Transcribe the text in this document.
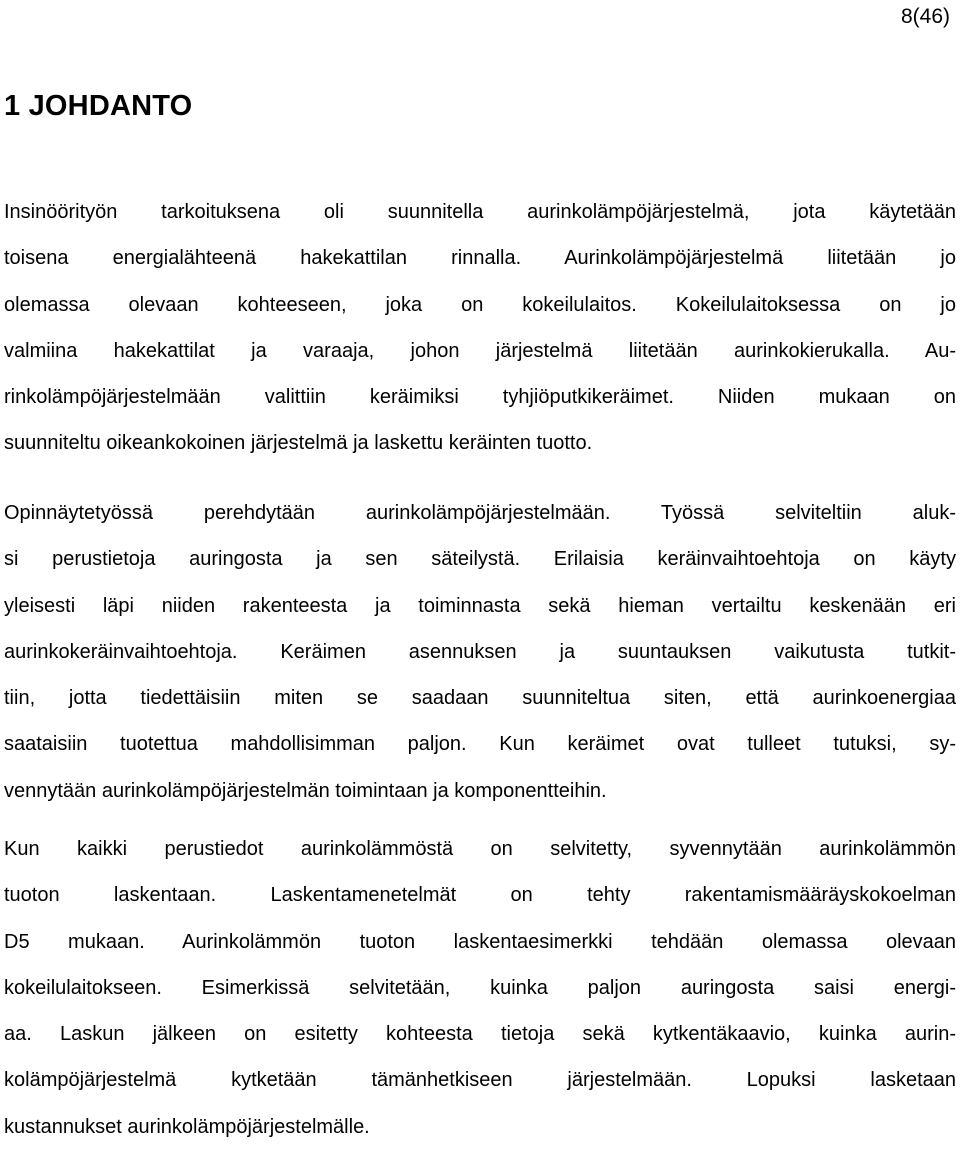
8(46)
1 JOHDANTO
Insinöörityön tarkoituksena oli suunnitella aurinkolämpöjärjestelmä, jota käytetään
toisena energialähteenä hakekattilan rinnalla. Aurinkolämpöjärjestelmä liitetään jo
olemassa olevaan kohteeseen, joka on kokeilulaitos. Kokeilulaitoksessa on jo
valmiina hakekattilat ja varaaja, johon järjestelmä liitetään aurinkokierukalla. Au-
rinkolämpöjärjestelmään valittiin keräimiksi tyhjiöputkikeräimet. Niiden mukaan on
suunniteltu oikeankokoinen järjestelmä ja laskettu keräinten tuotto.
Opinnäytetyössä perehdytään aurinkolämpöjärjestelmään. Työssä selviteltiin aluk-
si perustietoja auringosta ja sen säteilystä. Erilaisia keräinvaihtoehtoja on käyty
yleisesti läpi niiden rakenteesta ja toiminnasta sekä hieman vertailtu keskenään eri
aurinkokeräinvaihtoehtoja. Keräimen asennuksen ja suuntauksen vaikutusta tutkit-
tiin, jotta tiedettäisiin miten se saadaan suunniteltua siten, että aurinkoenergiaa
saataisiin tuotettua mahdollisimman paljon. Kun keräimet ovat tulleet tutuksi, sy-
vennytään aurinkolämpöjärjestelmän toimintaan ja komponentteihin.
Kun kaikki perustiedot aurinkolämmöstä on selvitetty, syvennytään aurinkolämmön
tuoton laskentaan. Laskentamenetelmät on tehty rakentamismääräyskokoelman
D5 mukaan. Aurinkolämmön tuoton laskentaesimerkki tehdään olemassa olevaan
kokeilulaitokseen. Esimerkissä selvitetään, kuinka paljon auringosta saisi energi-
aa. Laskun jälkeen on esitetty kohteesta tietoja sekä kytkentäkaavio, kuinka aurin-
kolämpöjärjestelmä kytketään tämänhetkiseen järjestelmään. Lopuksi lasketaan
kustannukset aurinkolämpöjärjestelmälle.
